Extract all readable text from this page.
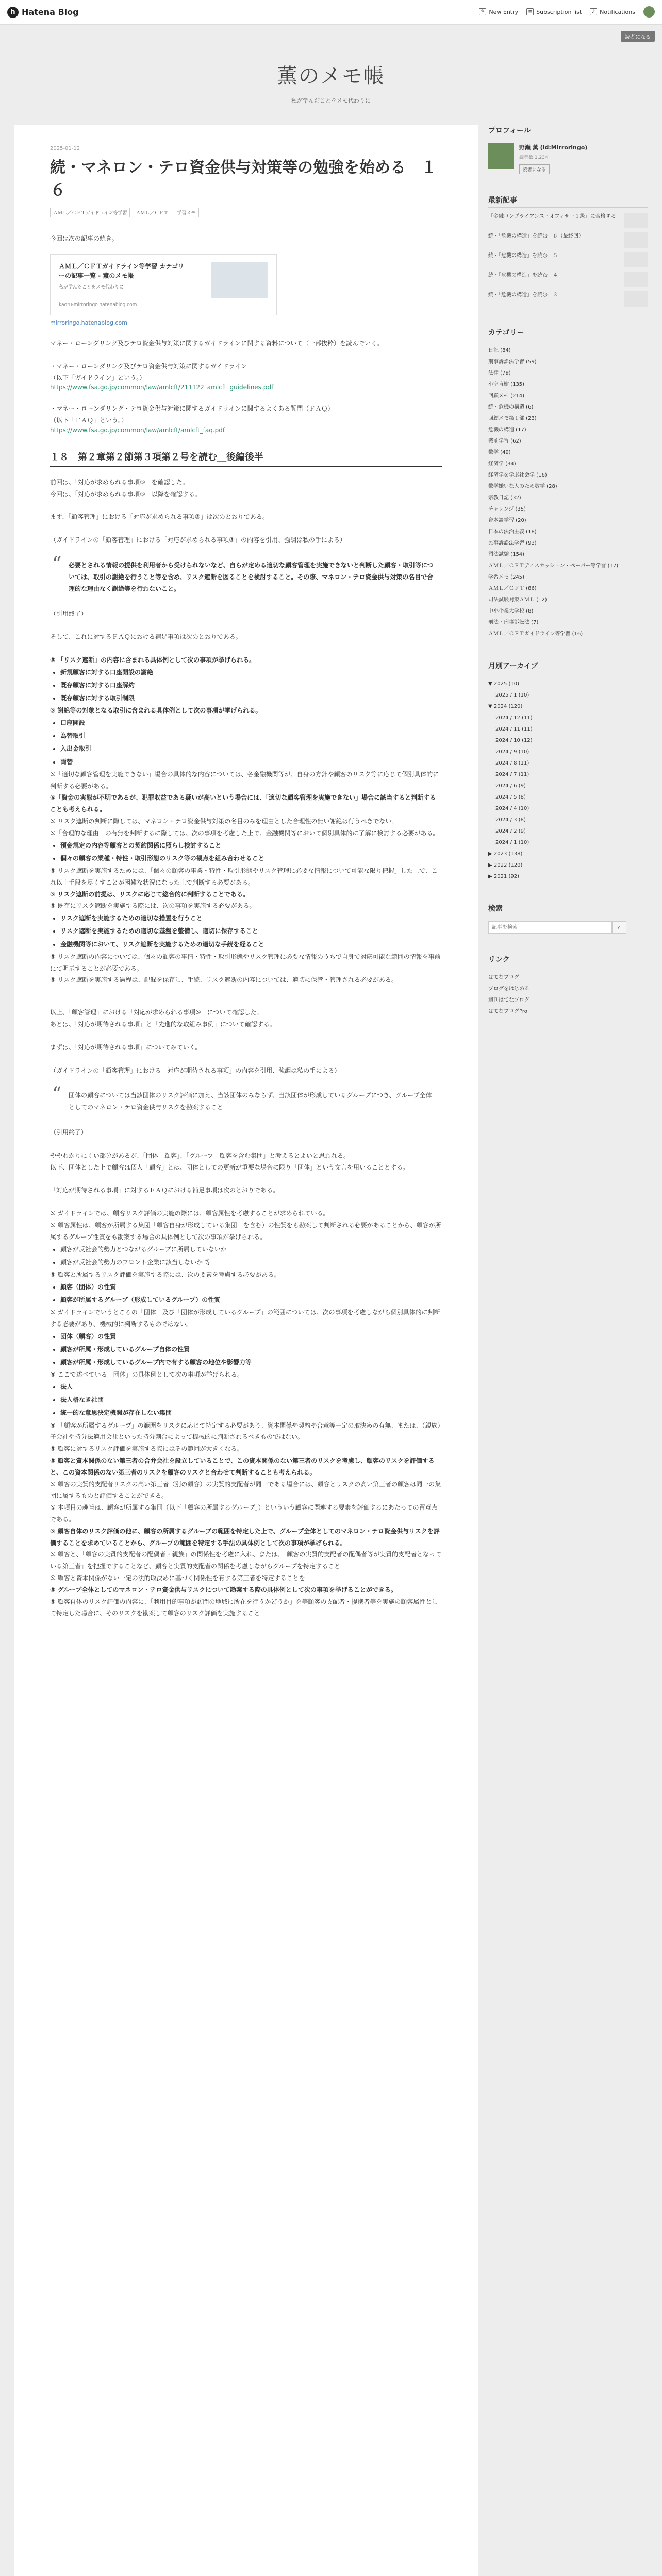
h Hatena Blog	✎ New Entry	≡ Subscription list	♪ Notifications
読者になる
薫のメモ帳
私が学んだことをメモ代わりに
2025-01-12
続・マネロン・テロ資金供与対策等の勉強を始める　１６
ＡＭＬ／ＣＦＴガイドライン等学習	ＡＭＬ／ＣＦＴ	学習メモ
今回は次の記事の続き。
ＡＭＬ／ＣＦＴガイドライン等学習 カテゴリーの記事一覧 - 薫のメモ帳
私が学んだことをメモ代わりに
kaoru-mirroringo.hatenablog.com
mirroringo.hatenablog.com
マネー・ローンダリング及びテロ資金供与対策に関するガイドラインに関する資料について（一部抜粋）を読んでいく。
・マネー・ローンダリング及びテロ資金供与対策に関するガイドライン
（以下「ガイドライン」という。）
https://www.fsa.go.jp/common/law/amlcft/211122_amlcft_guidelines.pdf
・マネー・ローンダリング・テロ資金供与対策に関するガイドラインに関するよくある質問（ＦＡＱ）
（以下「ＦＡＱ」という。）
https://www.fsa.go.jp/common/law/amlcft/amlcft_faq.pdf
１８　第２章第２節第３項第２号を読む＿後編後半
前回は、「対応が求められる事項⑤」を確認した。
今回は、「対応が求められる事項⑤」以降を確認する。
まず、「顧客管理」における「対応が求められる事項⑤」は次のとおりである。
（ガイドラインの「顧客管理」における「対応が求められる事項⑤」の内容を引用、強調は私の手による）
“ 必要とされる情報の提供を利用者から受けられないなど、自らが定める適切な顧客管理を実施できないと判断した顧客・取引等については、取引の謝絶を行うこと等を含め、リスク遮断を図ることを検討すること。その際、マネロン・テロ資金供与対策の名目で合理的な理由なく謝絶等を行わないこと。
（引用終了）
そして、これに対するＦＡＱにおける補足事項は次のとおりである。
⑤ 「リスク遮断」の内容に含まれる具体例として次の事項が挙げられる。
• 新規顧客に対する口座開設の謝絶
• 既存顧客に対する口座解約
• 既存顧客に対する取引制限
⑤ 謝絶等の対象となる取引に含まれる具体例として次の事項が挙げられる。
• 口座開設
• 為替取引
• 入出金取引
• 両替
⑤「適切な顧客管理を実施できない」場合の具体的な内容については、各金融機関等が、自身の方針や顧客のリスク等に応じて個別具体的に判断する必要がある。
⑤「資金の実態が不明であるが、犯罪収益である疑いが高いという場合には、「適切な顧客管理を実施できない」場合に該当すると判断することも考えられる。
⑤ リスク遮断の判断に際しては、マネロン・テロ資金供与対策の名目のみを理由とした合理性の無い謝絶は行うべきでない。
⑤「合理的な理由」の有無を判断するに際しては、次の事項を考慮した上で、金融機関等において個別具体的に了解に検討する必要がある。
• 預金規定の内容等顧客との契約関係に照らし検討すること
• 個々の顧客の業種・特性・取引形態のリスク等の観点を組み合わせること
⑤ リスク遮断を実施するためには、「個々の顧客の事業・特性・取引形態やリスク管理に必要な情報について可能な限り把握」した上で、これ以上手段を尽くすことが困難な状況になった上で判断する必要がある。
⑤ リスク遮断の前提は、リスクに応じて総合的に判断することである。
⑤ 既存にリスク遮断を実施する際には、次の事項を実施する必要がある。
• リスク遮断を実施するための適切な措置を行うこと
• リスク遮断を実施するための適切な基盤を整備し、適切に保存すること
• 金融機関等において、リスク遮断を実施するための適切な手続を経ること
⑤ リスク遮断の内容については、個々の顧客の事情・特性・取引形態やリスク管理に必要な情報のうちで自身で対応可能な範囲の情報を事前にて明示することが必要である。
⑤ リスク遮断を実施する過程は、記録を保存し、手続、リスク遮断の内容については、適切に保管・管理される必要がある。
以上、「顧客管理」における「対応が求められる事項⑤」について確認した。
あとは、「対応が期待される事項」と「先進的な取組み事例」について確認する。
まずは、「対応が期待される事項」についてみていく。
（ガイドラインの「顧客管理」における「対応が期待される事項」の内容を引用、強調は私の手による）
“ 団体の顧客については当該団体のリスク評価に加え、当該団体のみならず、当該団体が形成しているグループにつき、グループ全体としてのマネロン・テロ資金供与リスクを勘案すること
（引用終了）
ややわかりにくい部分があるが、「団体＝顧客」、「グループ＝顧客を含む集団」と考えるとよいと思われる。
以下、団体とした上で顧客は個人「顧客」とは、団体としての更新が重要な場合に限り「団体」という文言を用いることとする。
「対応が期待される事項」に対するＦＡＱにおける補足事項は次のとおりである。
⑤ ガイドラインでは、顧客リスク評価の実施の際には、顧客属性を考慮することが求められている。
⑤ 顧客属性は、顧客が所属する集団「顧客自身が形成している集団」を含む）の性質をも勘案して判断される必要があることから、顧客が所属するグループ性質をも勘案する場合の具体例として次の事項が挙げられる。
• 顧客が反社会的勢力とつながるグループに所属していないか
• 顧客が反社会的勢力のフロント企業に該当しないか 等
⑤ 顧客と所属するリスク評価を実施する際には、次の要素を考慮する必要がある。
• 顧客（団体）の性質
• 顧客が所属するグループ（形成しているグループ）の性質
⑤ ガイドラインでいうところの「団体」及び「団体が形成しているグループ」の範囲については、次の事項を考慮しながら個別具体的に判断する必要があり、機械的に判断するものではない。
• 団体（顧客）の性質
• 顧客が所属・形成しているグループ自体の性質
• 顧客が所属・形成しているグループ内で有する顧客の地位や影響力等
⑤ ここで述べている「団体」の具体例として次の事項が挙げられる。
• 法人
• 法人格なき社団
• 統一的な意思決定機関が存在しない集団
⑤ 「顧客が所属するグループ」の範囲をリスクに応じて特定する必要があり、資本関係や契約や合意等一定の取決めの有無、または、（親族）子会社や持分法適用会社といった持分割合によって機械的に判断されるべきものではない。
⑤ 顧客に対するリスク評価を実施する際にはその範囲が大きくなる。
⑤ 顧客と資本関係のない第三者の合弁会社を設立していることで、この資本関係のない第三者のリスクを考慮し、顧客のリスクを評価すると、この資本関係のない第三者のリスクを顧客のリスクと合わせて判断することも考えられる。
⑤ 顧客の実質的支配者リスクの高い第三者（別の顧客）の実質的支配者が同一である場合には、顧客とリスクの高い第三者の顧客は同一の集団に属するものと評価することができる。
⑤ 本項目の趣旨は、顧客が所属する集団（以下「顧客の所属するグループ」）といういう顧客に関連する要素を評価するにあたっての留意点である。
⑤ 顧客自体のリスク評価の他に、顧客の所属するグループの範囲を特定した上で、グループ全体としてのマネロン・テロ資金供与リスクを評価することを求めていることから、グループの範囲を特定する手法の具体例として次の事項が挙げられる。
⑤ 顧客と、「顧客の実質的支配者の配偶者・親族」の関係性を考慮に入れ、または、「顧客の実質的支配者の配偶者等が実質的支配者となっている第三者」を把握ですることなど、顧客と実質的支配者の関係を考慮しながらグループを特定すること
⑤ 顧客と資本関係がない一定の法的取決めに基づく関係性を有する第三者を特定することを
⑤ グループ全体としてのマネロン・テロ資金供与リスクについて勘案する際の具体例として次の事項を挙げることができる。
⑤ 顧客自体のリスク評価の内容に、「利用目的事項が訪問の地域に所在を行うかどうか」を等顧客の支配者・提携者等を実施の顧客属性として特定した場合に、そのリスクを勘案して顧客のリスク評価を実施すること
プロフィール
野瀬 薫 (id:Mirroringo)
読者数 1,234
読者になる
最新記事
「金融コンプライアンス・オフィサー１級」に合格する
続・「危機の構造」を読む　６（最終回）
続・「危機の構造」を読む　５
続・「危機の構造」を読む　４
続・「危機の構造」を読む　３
カテゴリー
日記 (84)
刑事訴訟法学習 (59)
法律 (79)
小室直樹 (135)
回顧メモ (214)
続・危機の構造 (6)
回顧メモ第１部 (23)
危機の構造 (17)
戦前学習 (62)
数学 (49)
経済学 (34)
経済学を学ぶ社会学 (16)
数学嫌いな人のため数学 (28)
宗教日記 (32)
チャレンジ (35)
資本論学習 (20)
日本の法治主義 (18)
民事訴訟法学習 (93)
司法試験 (154)
ＡＭＬ／ＣＦＴディスカッション・ペーパー等学習 (17)
学習メモ (245)
ＡＭＬ／ＣＦＴ (86)
司法試験対策ＡＭＬ (12)
中小企業大学校 (8)
刑法・刑事訴訟法 (7)
ＡＭＬ／ＣＦＴガイドライン等学習 (16)
月別アーカイブ
▼ 2025 (10)
2025 / 1 (10)
▼ 2024 (120)
2024 / 12 (11)
2024 / 11 (11)
2024 / 10 (12)
2024 / 9 (10)
2024 / 8 (11)
2024 / 7 (11)
2024 / 6 (9)
2024 / 5 (8)
2024 / 4 (10)
2024 / 3 (8)
2024 / 2 (9)
2024 / 1 (10)
▶ 2023 (138)
▶ 2022 (120)
▶ 2021 (92)
検索
記事を検索
⌕
リンク
はてなブログ
ブログをはじめる
週刊はてなブログ
はてなブログPro
